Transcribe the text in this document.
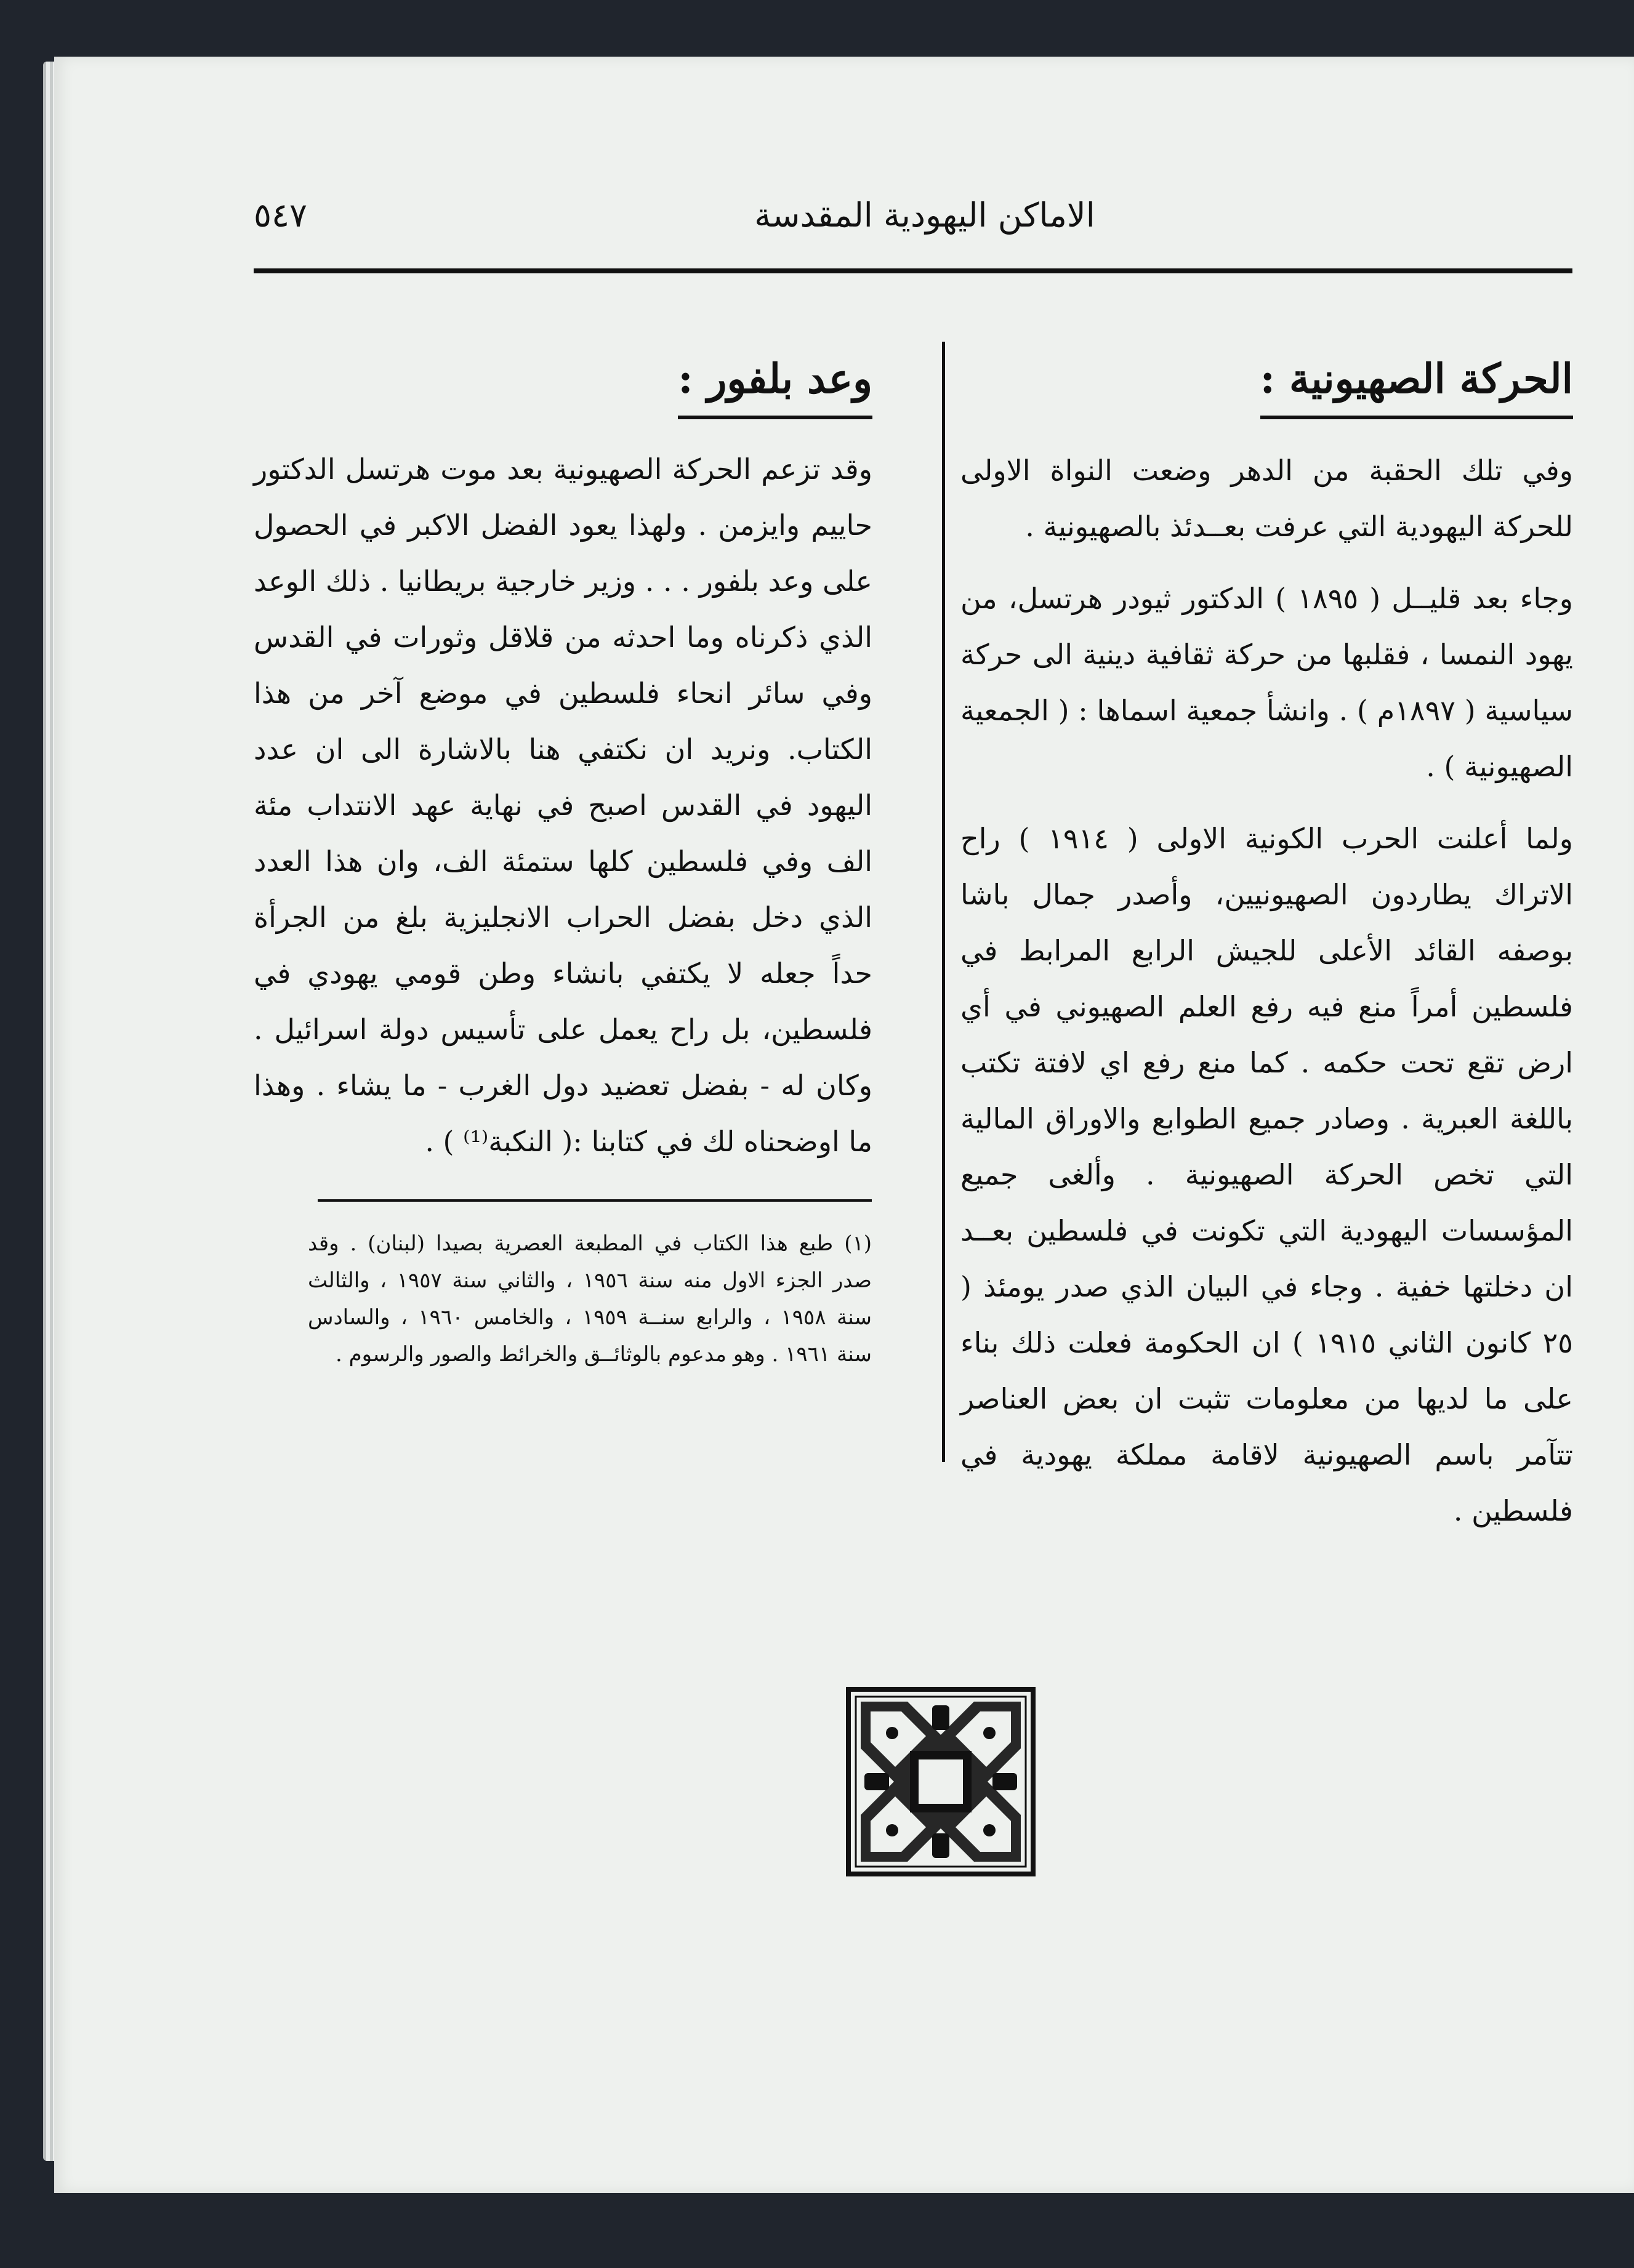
الاماكن اليهودية المقدسة
٥٤٧
الحركة الصهيونية :

وفي تلك الحقبة من الدهر وضعت النواة الاولى للحركة اليهودية التي عرفت بعــدئذ بالصهيونية .

وجاء بعد قليــل ( ١٨٩٥ ) الدكتور ثيودر هرتسل، من يهود النمسا ، فقلبها من حركة ثقافية دينية الى حركة سياسية ( ١٨٩٧م ) . وانشأ جمعية اسماها : ( الجمعية الصهيونية ) .

ولما أعلنت الحرب الكونية الاولى ( ١٩١٤ ) راح الاتراك يطاردون الصهيونيين، وأصدر جمال باشا بوصفه القائد الأعلى للجيش الرابع المرابط في فلسطين أمراً منع فيه رفع العلم الصهيوني في أي ارض تقع تحت حكمه . كما منع رفع اي لافتة تكتب باللغة العبرية . وصادر جميع الطوابع والاوراق المالية التي تخص الحركة الصهيونية . وألغى جميع المؤسسات اليهودية التي تكونت في فلسطين بعــد ان دخلتها خفية . وجاء في البيان الذي صدر يومئذ ( ٢٥ كانون الثاني ١٩١٥ ) ان الحكومة فعلت ذلك بناء على ما لديها من معلومات تثبت ان بعض العناصر تتآمر باسم الصهيونية لاقامة مملكة يهودية في فلسطين .

وعد بلفور :

وقد تزعم الحركة الصهيونية بعد موت هرتسل الدكتور حاييم وايزمن . ولهذا يعود الفضل الاكبر في الحصول على وعد بلفور . . . وزير خارجية بريطانيا . ذلك الوعد الذي ذكرناه وما احدثه من قلاقل وثورات في القدس وفي سائر انحاء فلسطين في موضع آخر من هذا الكتاب. ونريد ان نكتفي هنا بالاشارة الى ان عدد اليهود في القدس اصبح في نهاية عهد الانتداب مئة الف وفي فلسطين كلها ستمئة الف، وان هذا العدد الذي دخل بفضل الحراب الانجليزية بلغ من الجرأة حداً جعله لا يكتفي بانشاء وطن قومي يهودي في فلسطين، بل راح يعمل على تأسيس دولة اسرائيل . وكان له - بفضل تعضيد دول الغرب - ما يشاء . وهذا ما اوضحناه لك في كتابنا :( النكبة⁽¹⁾ ) .

(١) طبع هذا الكتاب في المطبعة العصرية بصيدا (لبنان) . وقد صدر الجزء الاول منه سنة ١٩٥٦ ، والثاني سنة ١٩٥٧ ، والثالث سنة ١٩٥٨ ، والرابع سنــة ١٩٥٩ ، والخامس ١٩٦٠ ، والسادس سنة ١٩٦١ . وهو مدعوم بالوثائــق والخرائط والصور والرسوم .
